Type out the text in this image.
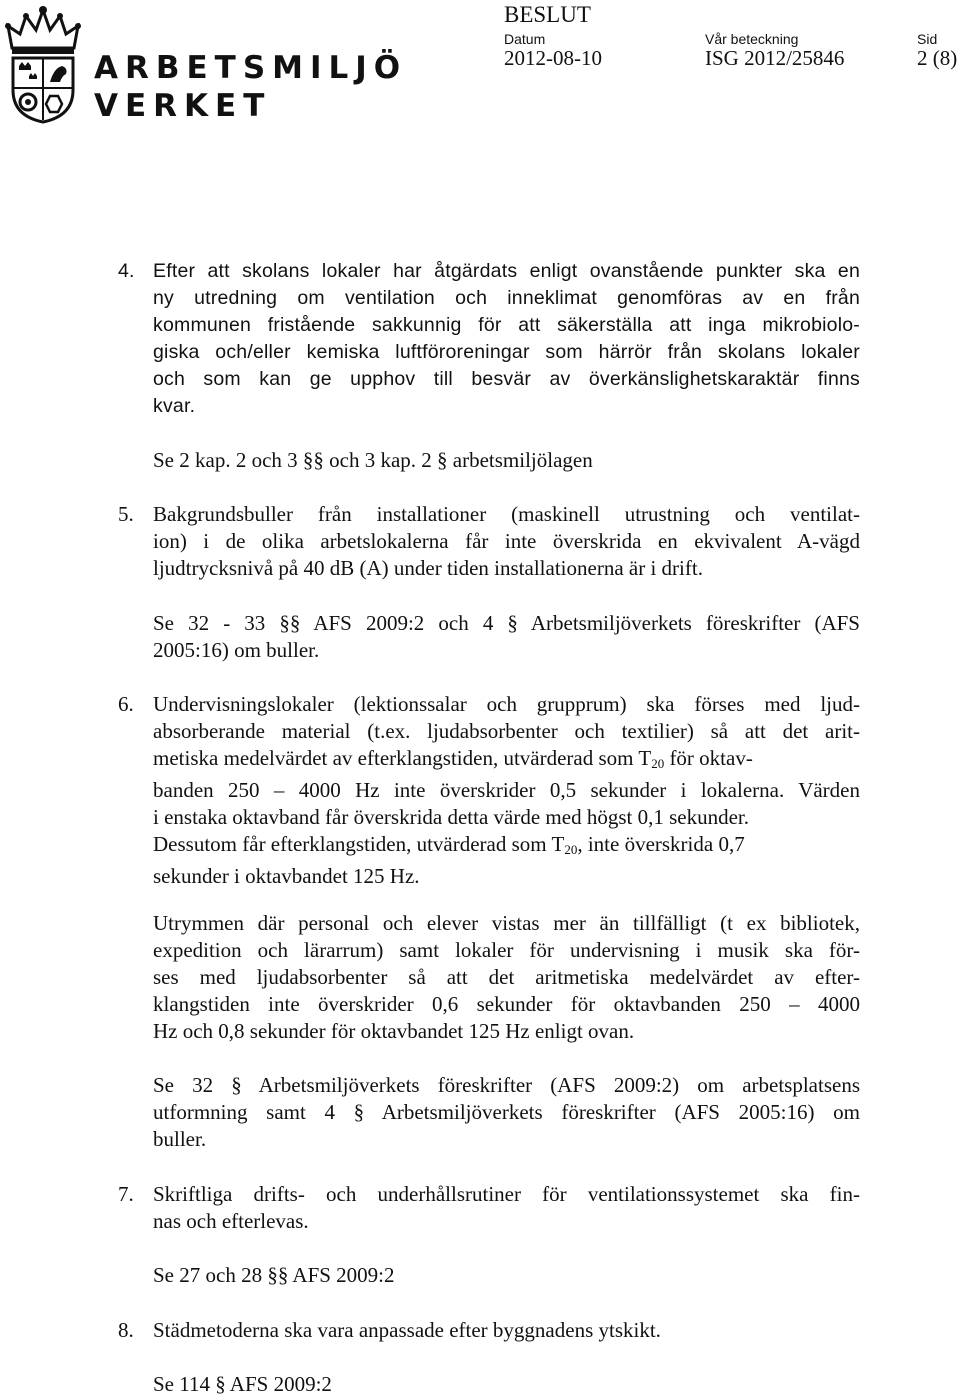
ARBETSMILJÖ
VERKET
BESLUT
Datum
2012-08-10
Vår beteckning
ISG 2012/25846
Sid
2 (8)
4. Efter att skolans lokaler har åtgärdats enligt ovanstående punkter ska en
ny utredning om ventilation och inneklimat genomföras av en från
kommunen fristående sakkunnig för att säkerställa att inga mikrobiolo-
giska och/eller kemiska luftföroreningar som härrör från skolans lokaler
och som kan ge upphov till besvär av överkänslighetskaraktär finns
kvar.
Se 2 kap. 2 och 3 §§ och 3 kap. 2 § arbetsmiljölagen
5. Bakgrundsbuller från installationer (maskinell utrustning och ventilat-
ion) i de olika arbetslokalerna får inte överskrida en ekvivalent A-vägd
ljudtrycksnivå på 40 dB (A) under tiden installationerna är i drift.
Se 32 - 33 §§ AFS 2009:2 och 4 § Arbetsmiljöverkets föreskrifter (AFS
2005:16) om buller.
6. Undervisningslokaler (lektionssalar och grupprum) ska förses med ljud-
absorberande material (t.ex. ljudabsorbenter och textilier) så att det arit-
metiska medelvärdet av efterklangstiden, utvärderad som $T_{20}$ för oktav-
banden 250 – 4000 Hz inte överskrider 0,5 sekunder i lokalerna. Värden
i enstaka oktavband får överskrida detta värde med högst 0,1 sekunder.
Dessutom får efterklangstiden, utvärderad som $T_{20}$, inte överskrida 0,7
sekunder i oktavbandet 125 Hz.
Utrymmen där personal och elever vistas mer än tillfälligt (t ex bibliotek,
expedition och lärarrum) samt lokaler för undervisning i musik ska för-
ses med ljudabsorbenter så att det aritmetiska medelvärdet av efter-
klangstiden inte överskrider 0,6 sekunder för oktavbanden 250 – 4000
Hz och 0,8 sekunder för oktavbandet 125 Hz enligt ovan.
Se 32 § Arbetsmiljöverkets föreskrifter (AFS 2009:2) om arbetsplatsens
utformning samt 4 § Arbetsmiljöverkets föreskrifter (AFS 2005:16) om
buller.
7. Skriftliga drifts- och underhållsrutiner för ventilationssystemet ska fin-
nas och efterlevas.
Se 27 och 28 §§ AFS 2009:2
8. Städmetoderna ska vara anpassade efter byggnadens ytskikt.
Se 114 § AFS 2009:2
